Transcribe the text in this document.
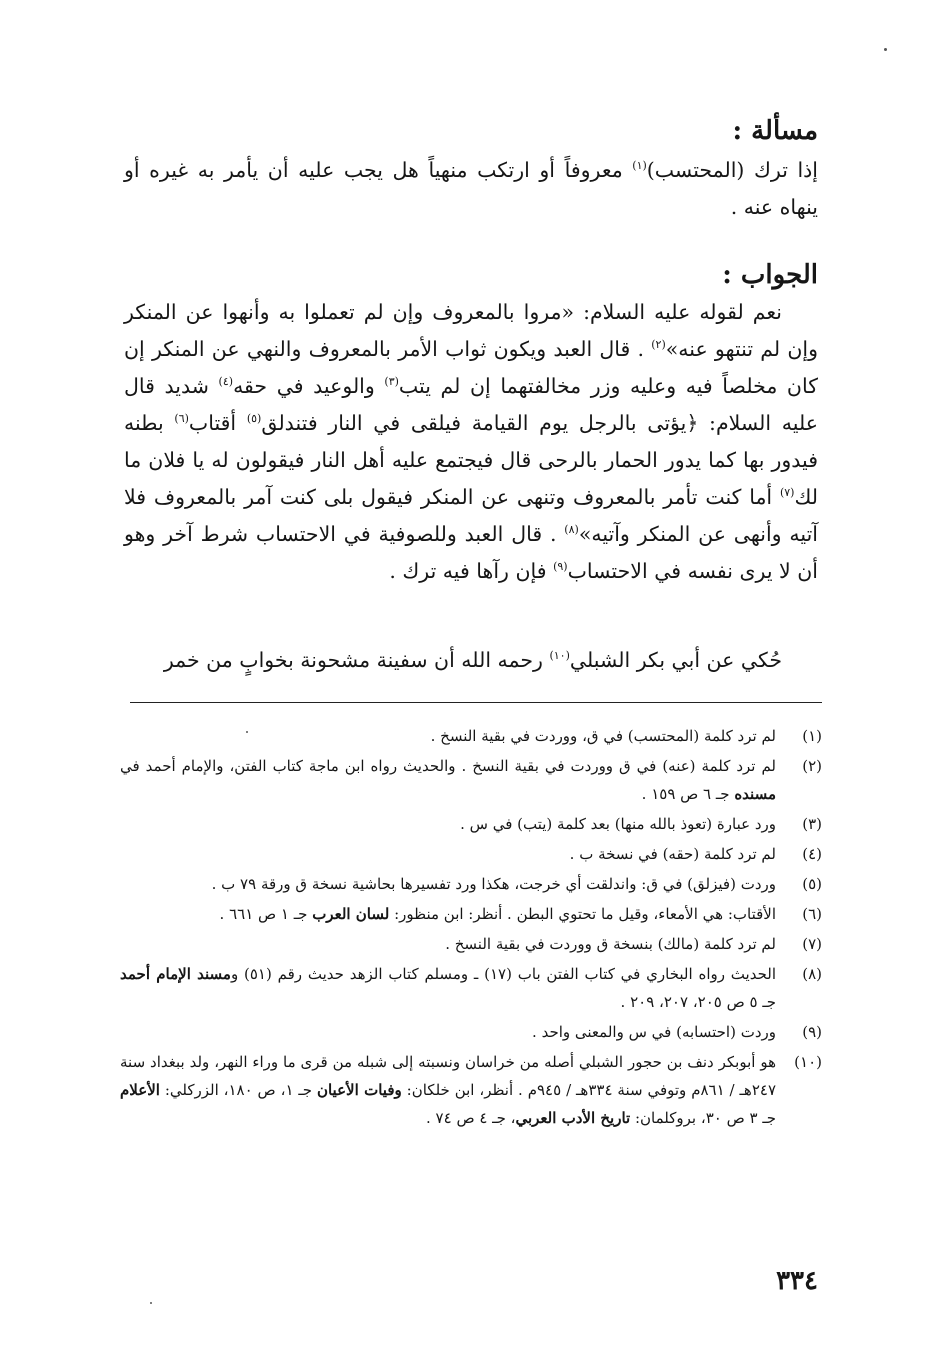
مسألة :

إذا ترك (المحتسب)$^{(١)}$ معروفاً أو ارتكب منهياً هل يجب عليه أن يأمر به غيره أو ينهاه عنه .

الجواب :

نعم لقوله عليه السلام: «مروا بالمعروف وإن لم تعملوا به وأنهوا عن المنكر وإن لم تنتهو عنه»$^{(٢)}$ . قال العبد ويكون ثواب الأمر بالمعروف والنهي عن المنكر إن كان مخلصاً فيه وعليه وزر مخالفتهما إن لم يتب$^{(٣)}$ والوعيد في حقه$^{(٤)}$ شديد قال عليه السلام: ﴿يؤتى بالرجل يوم القيامة فيلقى في النار فتندلق$^{(٥)}$ أقتاب$^{(٦)}$ بطنه فيدور بها كما يدور الحمار بالرحى قال فيجتمع عليه أهل النار فيقولون له يا فلان ما لك$^{(٧)}$ أما كنت تأمر بالمعروف وتنهى عن المنكر فيقول بلى كنت آمر بالمعروف فلا آتيه وأنهى عن المنكر وآتيه»$^{(٨)}$ . قال العبد وللصوفية في الاحتساب شرط آخر وهو أن لا يرى نفسه في الاحتساب$^{(٩)}$ فإن رآها فيه ترك .

حُكي عن أبي بكر الشبلي$^{(١٠)}$ رحمه الله أن سفينة مشحونة بخوابٍ من خمر

(١)
لم ترد كلمة (المحتسب) في ق، ووردت في بقية النسخ .
(٢)
لم ترد كلمة (عنه) في ق ووردت في بقية النسخ . والحديث رواه ابن ماجة كتاب الفتن، والإمام أحمد في مسنده جـ ٦ ص ١٥٩ .
(٣)
ورد عبارة (تعوذ بالله منها) بعد كلمة (يتب) في س .
(٤)
لم ترد كلمة (حقه) في نسخة ب .
(٥)
وردت (فيزلق) في ق: واندلقت أي خرجت، هكذا ورد تفسيرها بحاشية نسخة ق ورقة ٧٩ ب .
(٦)
الأقتاب: هي الأمعاء، وقيل ما تحتوي البطن . أنظر: ابن منظور: لسان العرب جـ ١ ص ٦٦١ .
(٧)
لم ترد كلمة (مالك) بنسخة ق ووردت في بقية النسخ .
(٨)
الحديث رواه البخاري في كتاب الفتن باب (١٧) ـ ومسلم كتاب الزهد حديث رقم (٥١) ومسند الإمام أحمد جـ ٥ ص ٢٠٥، ٢٠٧، ٢٠٩ .
(٩)
وردت (احتسابه) في س والمعنى واحد .
(١٠)
هو أبوبكر دنف بن حجور الشبلي أصله من خراسان ونسبته إلى شبله من قرى ما وراء النهر، ولد ببغداد سنة ٢٤٧هـ / ٨٦١م وتوفي سنة ٣٣٤هـ / ٩٤٥م . أنظر، ابن خلكان: وفيات الأعيان جـ ١، ص ١٨٠، الزركلي: الأعلام جـ ٣ ص ٣٠، بروكلمان: تاريخ الأدب العربي، جـ ٤ ص ٧٤ .
٣٣٤
